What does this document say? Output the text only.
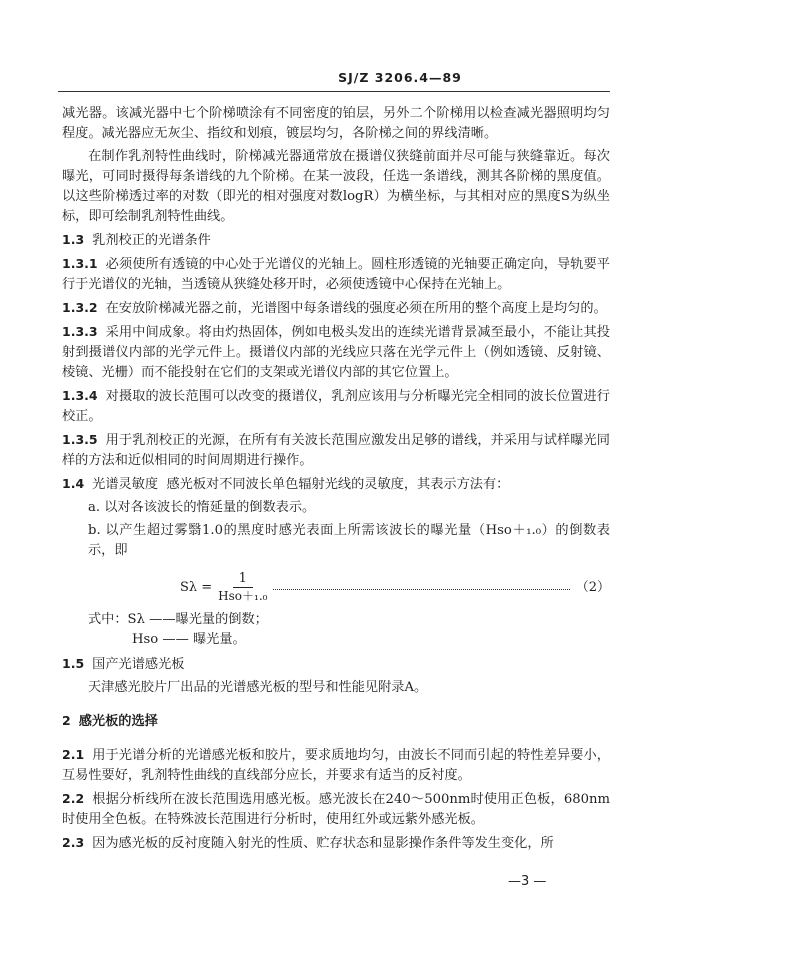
SJ/Z 3206.4—89

减光器。该减光器中七个阶梯喷涂有不同密度的铂层，另外二个阶梯用以检查减光器照明均匀程度。减光器应无灰尘、指纹和划痕，镀层均匀，各阶梯之间的界线清晰。

在制作乳剂特性曲线时，阶梯减光器通常放在摄谱仪狭缝前面并尽可能与狭缝靠近。每次曝光，可同时摄得每条谱线的九个阶梯。在某一波段，任选一条谱线，测其各阶梯的黑度值。以这些阶梯透过率的对数（即光的相对强度对数logR）为横坐标，与其相对应的黑度S为纵坐标，即可绘制乳剂特性曲线。

1.3 乳剂校正的光谱条件

1.3.1 必须使所有透镜的中心处于光谱仪的光轴上。圆柱形透镜的光轴要正确定向，导轨要平行于光谱仪的光轴，当透镜从狭缝处移开时，必须使透镜中心保持在光轴上。

1.3.2 在安放阶梯减光器之前，光谱图中每条谱线的强度必须在所用的整个高度上是均匀的。

1.3.3 采用中间成象。将由灼热固体，例如电极头发出的连续光谱背景减至最小，不能让其投射到摄谱仪内部的光学元件上。摄谱仪内部的光线应只落在光学元件上（例如透镜、反射镜、棱镜、光栅）而不能投射在它们的支架或光谱仪内部的其它位置上。

1.3.4 对摄取的波长范围可以改变的摄谱仪，乳剂应该用与分析曝光完全相同的波长位置进行校正。

1.3.5 用于乳剂校正的光源，在所有有关波长范围应激发出足够的谱线，并采用与试样曝光同样的方法和近似相同的时间周期进行操作。

1.4 光谱灵敏度 感光板对不同波长单色辐射光线的灵敏度，其表示方法有：

a. 以对各该波长的惰延量的倒数表示。

b. 以产生超过雾翳1.0的黑度时感光表面上所需该波长的曝光量（Hso＋₁.₀）的倒数表示，即

$S\lambda = \frac{1}{\text{Hso＋₁.₀}}$	（2）

式中：Sλ ——曝光量的倒数；

Hso —— 曝光量。

1.5 国产光谱感光板

天津感光胶片厂出品的光谱感光板的型号和性能见附录A。

2 感光板的选择

2.1 用于光谱分析的光谱感光板和胶片，要求质地均匀，由波长不同而引起的特性差异要小，互易性要好，乳剂特性曲线的直线部分应长，并要求有适当的反衬度。

2.2 根据分析线所在波长范围选用感光板。感光波长在240～500nm时使用正色板，680nm时使用全色板。在特殊波长范围进行分析时，使用红外或远紫外感光板。

2.3 因为感光板的反衬度随入射光的性质、贮存状态和显影操作条件等发生变化，所

—3 —
